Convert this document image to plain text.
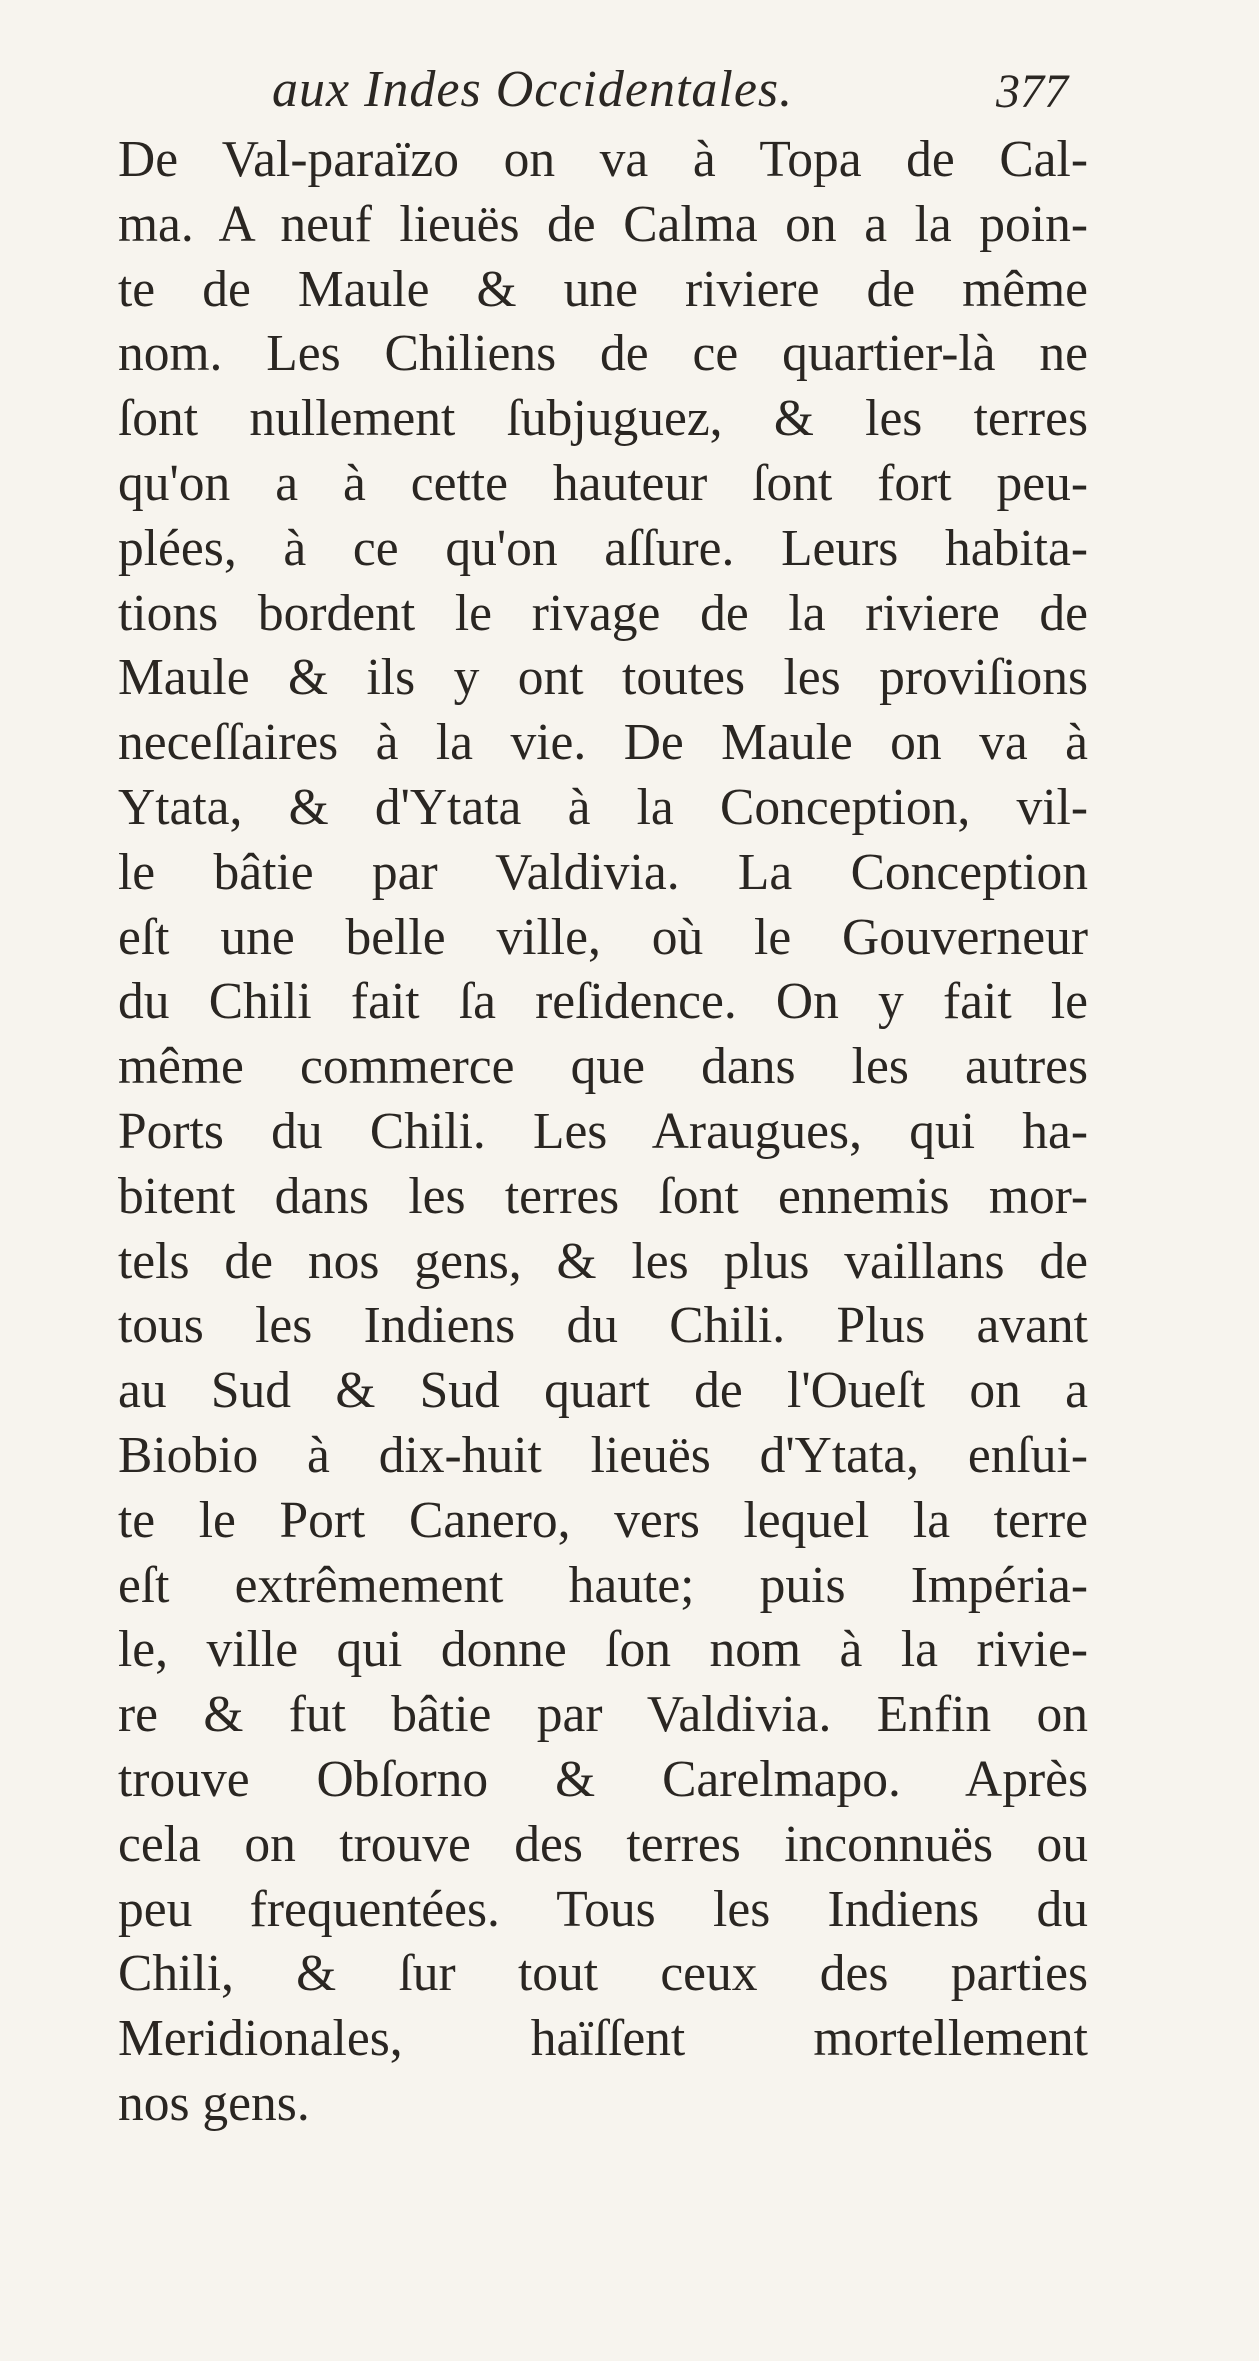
aux Indes Occidentales.	377
De Val-paraïzo on va à Topa de Cal-
ma. A neuf lieuës de Calma on a la poin-
te de Maule & une riviere de même
nom. Les Chiliens de ce quartier-là ne
ſont nullement ſubjuguez, & les terres
qu'on a à cette hauteur ſont fort peu-
plées, à ce qu'on aſſure. Leurs habita-
tions bordent le rivage de la riviere de
Maule & ils y ont toutes les proviſions
neceſſaires à la vie. De Maule on va à
Ytata, & d'Ytata à la Conception, vil-
le bâtie par Valdivia. La Conception
eſt une belle ville, où le Gouverneur
du Chili fait ſa reſidence. On y fait le
même commerce que dans les autres
Ports du Chili. Les Araugues, qui ha-
bitent dans les terres ſont ennemis mor-
tels de nos gens, & les plus vaillans de
tous les Indiens du Chili. Plus avant
au Sud & Sud quart de l'Oueſt on a
Biobio à dix-huit lieuës d'Ytata, enſui-
te le Port Canero, vers lequel la terre
eſt extrêmement haute; puis Impéria-
le, ville qui donne ſon nom à la rivie-
re & fut bâtie par Valdivia. Enfin on
trouve Obſorno & Carelmapo. Après
cela on trouve des terres inconnuës ou
peu frequentées. Tous les Indiens du
Chili, & ſur tout ceux des parties
Meridionales, haïſſent mortellement
nos gens.
